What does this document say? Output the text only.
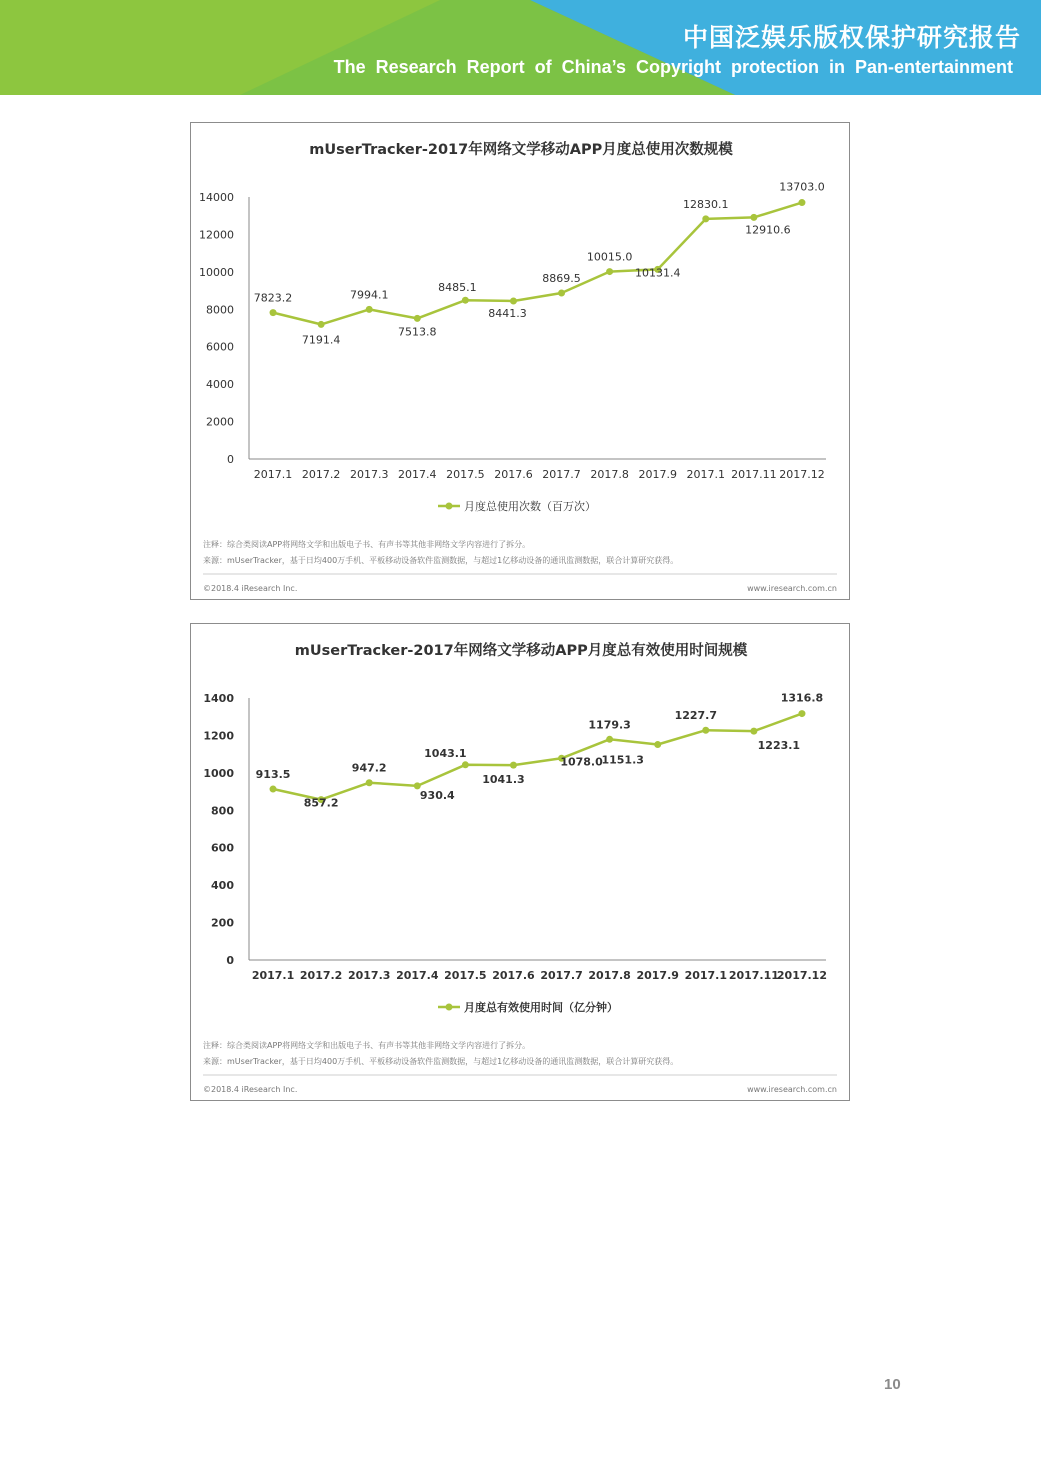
中国泛娱乐版权保护研究报告
The Research Report of China’s Copyright protection in Pan-entertainment
mUserTracker-2017年网络文学移动APP月度总使用次数规模
0
2000
4000
6000
8000
10000
12000
14000
2017.1 2017.2 2017.3 2017.4 2017.5 2017.6 2017.7 2017.8 2017.9 2017.1 2017.11 2017.12
7823.2
7191.4
7994.1
7513.8
8485.1
8441.3
8869.5
10015.0
10131.4
12830.1
12910.6
13703.0
月度总使用次数（百万次）
注释：综合类阅读APP将网络文学和出版电子书、有声书等其他非网络文学内容进行了拆分。
来源：mUserTracker，基于日均400万手机、平板移动设备软件监测数据，与超过1亿移动设备的通讯监测数据，联合计算研究获得。
©2018.4 iResearch Inc.	www.iresearch.com.cn
mUserTracker-2017年网络文学移动APP月度总有效使用时间规模
0
200
400
600
800
1000
1200
1400
2017.1 2017.2 2017.3 2017.4 2017.5 2017.6 2017.7 2017.8 2017.9 2017.1 2017.11
2017.12
913.5
857.2
947.2
930.4
1043.1
1041.3
1078.0
1179.3
1151.3
1227.7
1223.1
1316.8
月度总有效使用时间（亿分钟）
注释：综合类阅读APP将网络文学和出版电子书、有声书等其他非网络文学内容进行了拆分。
来源：mUserTracker，基于日均400万手机、平板移动设备软件监测数据，与超过1亿移动设备的通讯监测数据，联合计算研究获得。
©2018.4 iResearch Inc.	www.iresearch.com.cn
10
